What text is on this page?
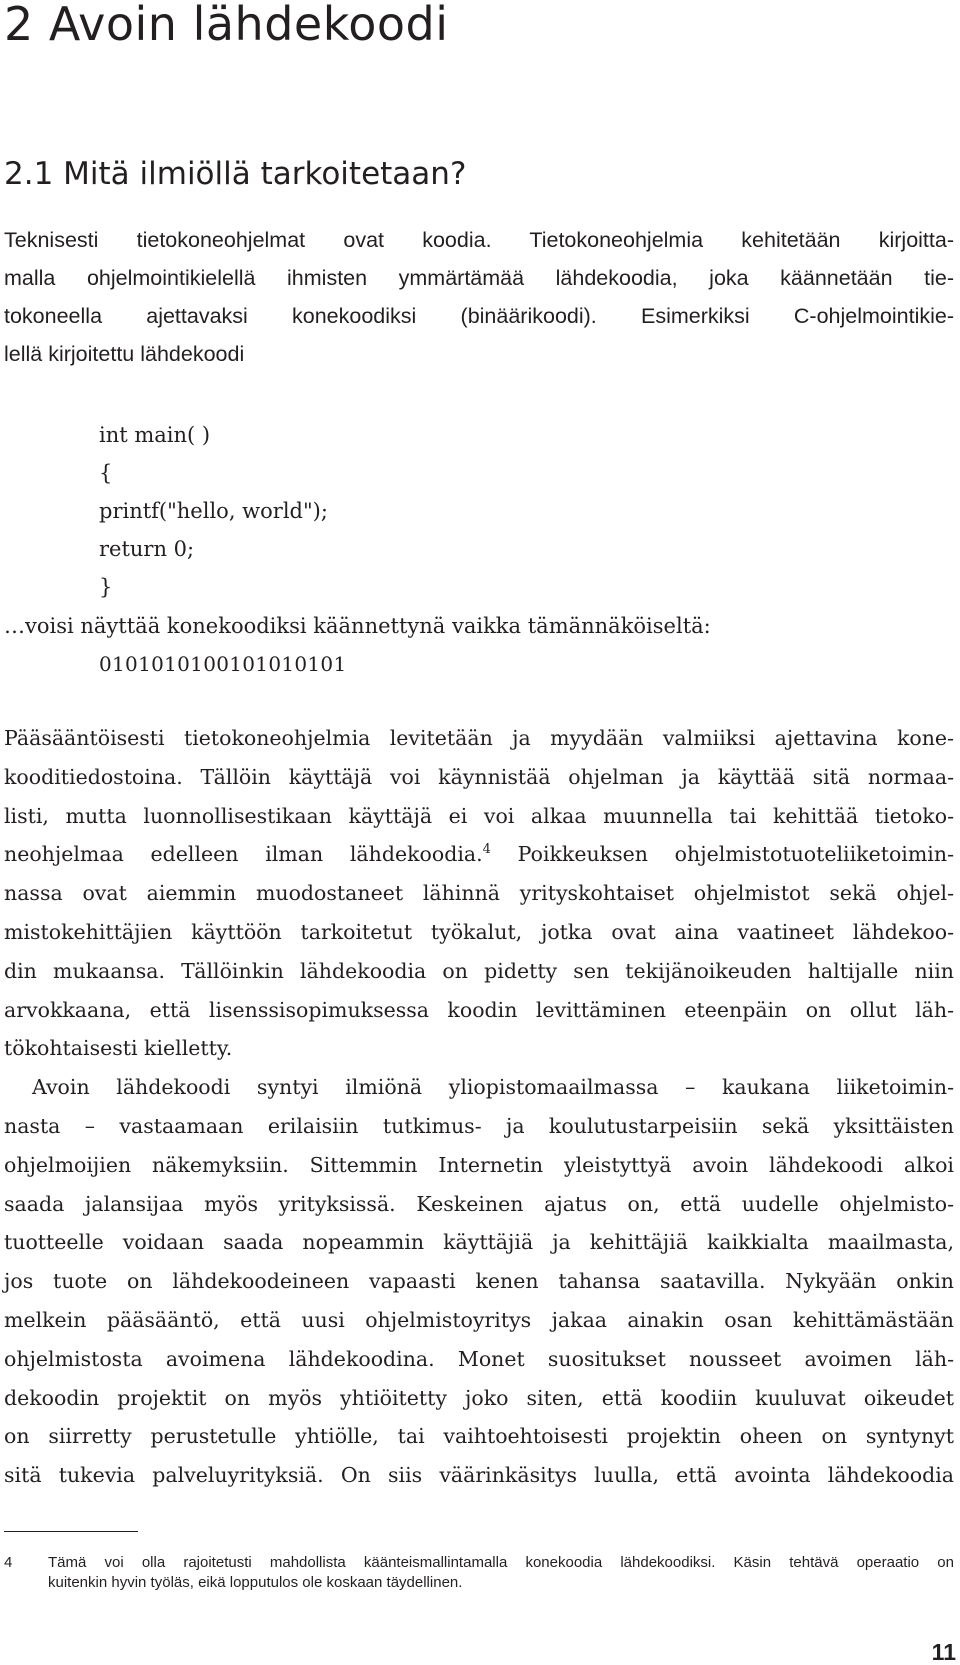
2 Avoin lähdekoodi
2.1 Mitä ilmiöllä tarkoitetaan?

Teknisesti tietokoneohjelmat ovat koodia. Tietokoneohjelmia kehitetään kirjoitta-
malla ohjelmointikielellä ihmisten ymmärtämää lähdekoodia, joka käännetään tie-
tokoneella ajettavaksi konekoodiksi (binäärikoodi). Esimerkiksi C-ohjelmointikie-
lellä kirjoitettu lähdekoodi

int main( )
{
printf("hello, world");
return 0;
}

…voisi näyttää konekoodiksi käännettynä vaikka tämännäköiseltä:

0101010100101010101

Pääsääntöisesti tietokoneohjelmia levitetään ja myydään valmiiksi ajettavina kone-
kooditiedostoina. Tällöin käyttäjä voi käynnistää ohjelman ja käyttää sitä normaa-
listi, mutta luonnollisestikaan käyttäjä ei voi alkaa muunnella tai kehittää tietoko-
neohjelmaa edelleen ilman lähdekoodia.$^4$ Poikkeuksen ohjelmistotuoteliiketoimin-
nassa ovat aiemmin muodostaneet lähinnä yrityskohtaiset ohjelmistot sekä ohjel-
mistokehittäjien käyttöön tarkoitetut työkalut, jotka ovat aina vaatineet lähdekoo-
din mukaansa. Tällöinkin lähdekoodia on pidetty sen tekijänoikeuden haltijalle niin
arvokkaana, että lisenssisopimuksessa koodin levittäminen eteenpäin on ollut läh-
tökohtaisesti kielletty.
Avoin lähdekoodi syntyi ilmiönä yliopistomaailmassa – kaukana liiketoimin-
nasta – vastaamaan erilaisiin tutkimus- ja koulutustarpeisiin sekä yksittäisten
ohjelmoijien näkemyksiin. Sittemmin Internetin yleistyttyä avoin lähdekoodi alkoi
saada jalansijaa myös yrityksissä. Keskeinen ajatus on, että uudelle ohjelmisto-
tuotteelle voidaan saada nopeammin käyttäjiä ja kehittäjiä kaikkialta maailmasta,
jos tuote on lähdekoodeineen vapaasti kenen tahansa saatavilla. Nykyään onkin
melkein pääsääntö, että uusi ohjelmistoyritys jakaa ainakin osan kehittämästään
ohjelmistosta avoimena lähdekoodina. Monet suositukset nousseet avoimen läh-
dekoodin projektit on myös yhtiöitetty joko siten, että koodiin kuuluvat oikeudet
on siirretty perustetulle yhtiölle, tai vaihtoehtoisesti projektin oheen on syntynyt
sitä tukevia palveluyrityksiä. On siis väärinkäsitys luulla, että avointa lähdekoodia
4 Tämä voi olla rajoitetusti mahdollista käänteismallintamalla konekoodia lähdekoodiksi. Käsin tehtävä operaatio on
kuitenkin hyvin työläs, eikä lopputulos ole koskaan täydellinen.

11
